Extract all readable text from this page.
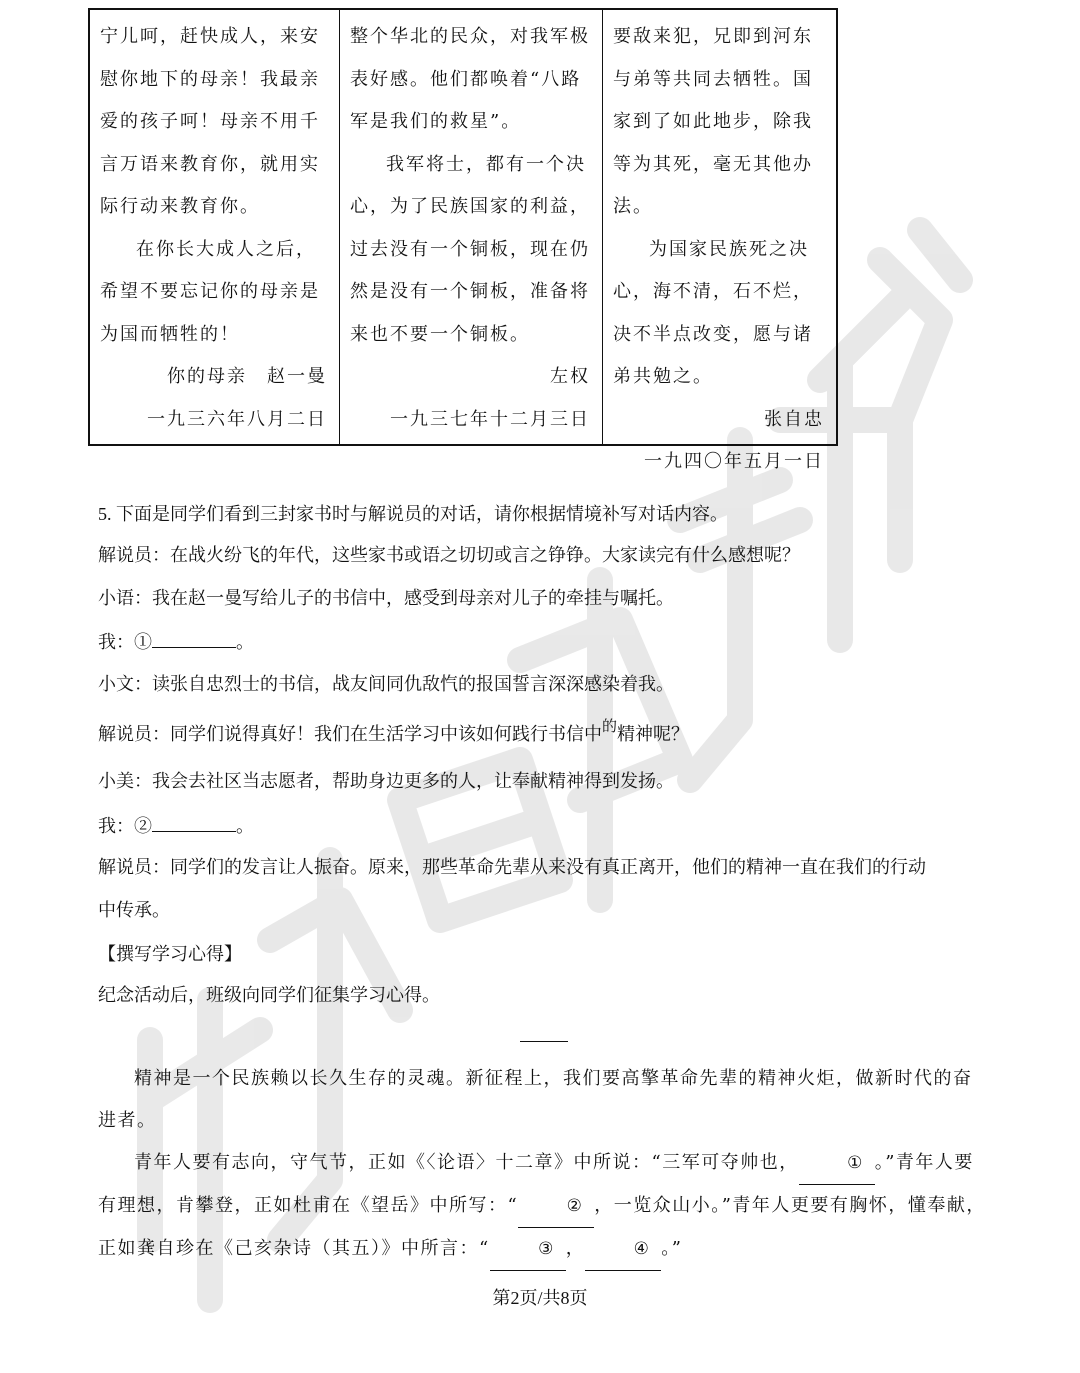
宁儿呵，赶快成人，来安慰你地下的母亲！我最亲爱的孩子呵！母亲不用千言万语来教育你，就用实际行动来教育你。

在你长大成人之后，希望不要忘记你的母亲是为国而牺牲的！

你的母亲　赵一曼

一九三六年八月二日

整个华北的民众，对我军极表好感。他们都唤着“八路军是我们的救星”。

我军将士，都有一个决心，为了民族国家的利益，过去没有一个铜板，现在仍然是没有一个铜板，准备将来也不要一个铜板。

左权

一九三七年十二月三日

要敌来犯，兄即到河东与弟等共同去牺牲。国家到了如此地步，除我等为其死，毫无其他办法。

为国家民族死之决心，海不清，石不烂，决不半点改变，愿与诸弟共勉之。

张自忠

一九四〇年五月一日

5. 下面是同学们看到三封家书时与解说员的对话，请你根据情境补写对话内容。
解说员：在战火纷飞的年代，这些家书或语之切切或言之铮铮。大家读完有什么感想呢？
小语：我在赵一曼写给儿子的书信中，感受到母亲对儿子的牵挂与嘱托。
我：①	。
小文：读张自忠烈士的书信，战友间同仇敌忾的报国誓言深深感染着我。
解说员：同学们说得真好！我们在生活学习中该如何践行书信中$^的$精神呢？
小美：我会去社区当志愿者，帮助身边更多的人，让奉献精神得到发扬。
我：②	。
解说员：同学们的发言让人振奋。原来，那些革命先辈从来没有真正离开，他们的精神一直在我们的行动
中传承。
【撰写学习心得】
纪念活动后，班级向同学们征集学习心得。

精神是一个民族赖以长久生存的灵魂。新征程上，我们要高擎革命先辈的精神火炬，做新时代的奋进者。

青年人要有志向，守气节，正如《〈论语〉十二章》中所说：“三军可夺帅也，	① 。”青年人要有理想，肯攀登，正如杜甫在《望岳》中所写：“	② ，一览众山小。”青年人更要有胸怀，懂奉献，正如龚自珍在《己亥杂诗（其五）》中所言：“	③ ，	④ 。”

第2页/共8页
